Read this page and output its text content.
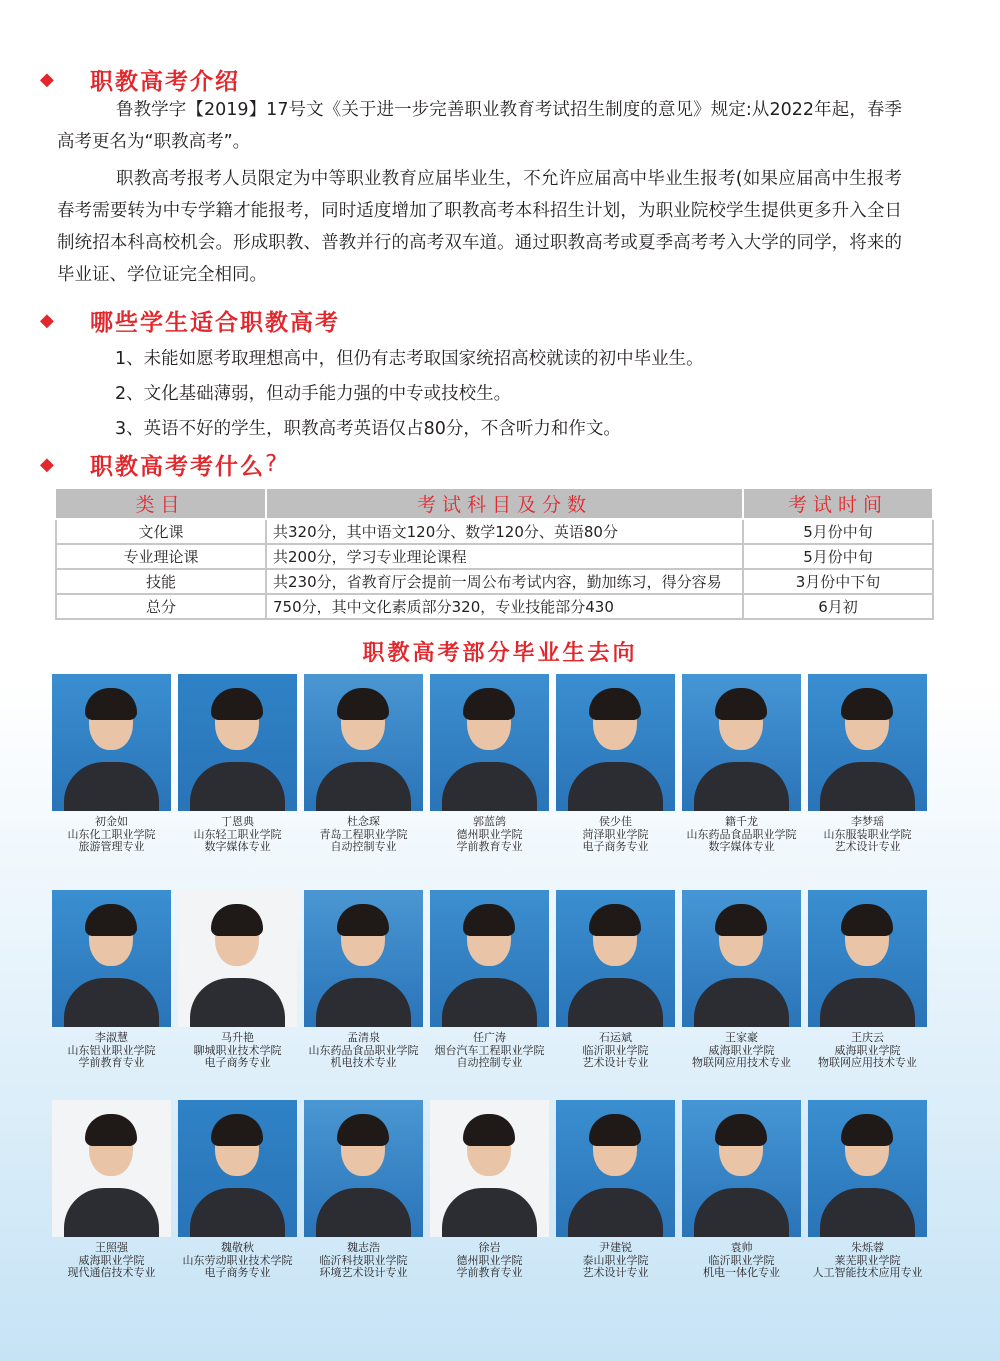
◆	职教高考介绍

鲁教学字【2019】17号文《关于进一步完善职业教育考试招生制度的意见》规定:从2022年起，春季高考更名为“职教高考”。

职教高考报考人员限定为中等职业教育应届毕业生，不允许应届高中毕业生报考(如果应届高中生报考春考需要转为中专学籍才能报考，同时适度增加了职教高考本科招生计划，为职业院校学生提供更多升入全日制统招本科高校机会。形成职教、普教并行的高考双车道。通过职教高考或夏季高考考入大学的同学，将来的毕业证、学位证完全相同。

◆	哪些学生适合职教高考

1、未能如愿考取理想高中，但仍有志考取国家统招高校就读的初中毕业生。

2、文化基础薄弱，但动手能力强的中专或技校生。

3、英语不好的学生，职教高考英语仅占80分，不含听力和作文。

◆	职教高考考什么 ?
类目	考试科目及分数	考试时间
文化课	共320分，其中语文120分、数学120分、英语80分	5月份中旬
专业理论课	共200分，学习专业理论课程	5月份中旬
技能	共230分，省教育厅会提前一周公布考试内容，勤加练习，得分容易	3月份中下旬
总分	750分，其中文化素质部分320，专业技能部分430	6月初
职教高考部分毕业生去向
初金如
山东化工职业学院
旅游管理专业
丁恩典
山东轻工职业学院
数字媒体专业
杜念琛
青岛工程职业学院
自动控制专业
郭蓝鸽
德州职业学院
学前教育专业
侯少佳
菏泽职业学院
电子商务专业
籍千龙
山东药品食品职业学院
数字媒体专业
李梦瑶
山东服装职业学院
艺术设计专业
李淑慧
山东铝业职业学院
学前教育专业
马升艳
聊城职业技术学院
电子商务专业
孟清泉
山东药品食品职业学院
机电技术专业
任广涛
烟台汽车工程职业学院
自动控制专业
石运斌
临沂职业学院
艺术设计专业
王家豪
威海职业学院
物联网应用技术专业
王庆云
威海职业学院
物联网应用技术专业
王照强
威海职业学院
现代通信技术专业
魏敬秋
山东劳动职业技术学院
电子商务专业
魏志浩
临沂科技职业学院
环境艺术设计专业
徐岩
德州职业学院
学前教育专业
尹建锐
泰山职业学院
艺术设计专业
袁帅
临沂职业学院
机电一体化专业
朱烁蓉
莱芜职业学院
人工智能技术应用专业
